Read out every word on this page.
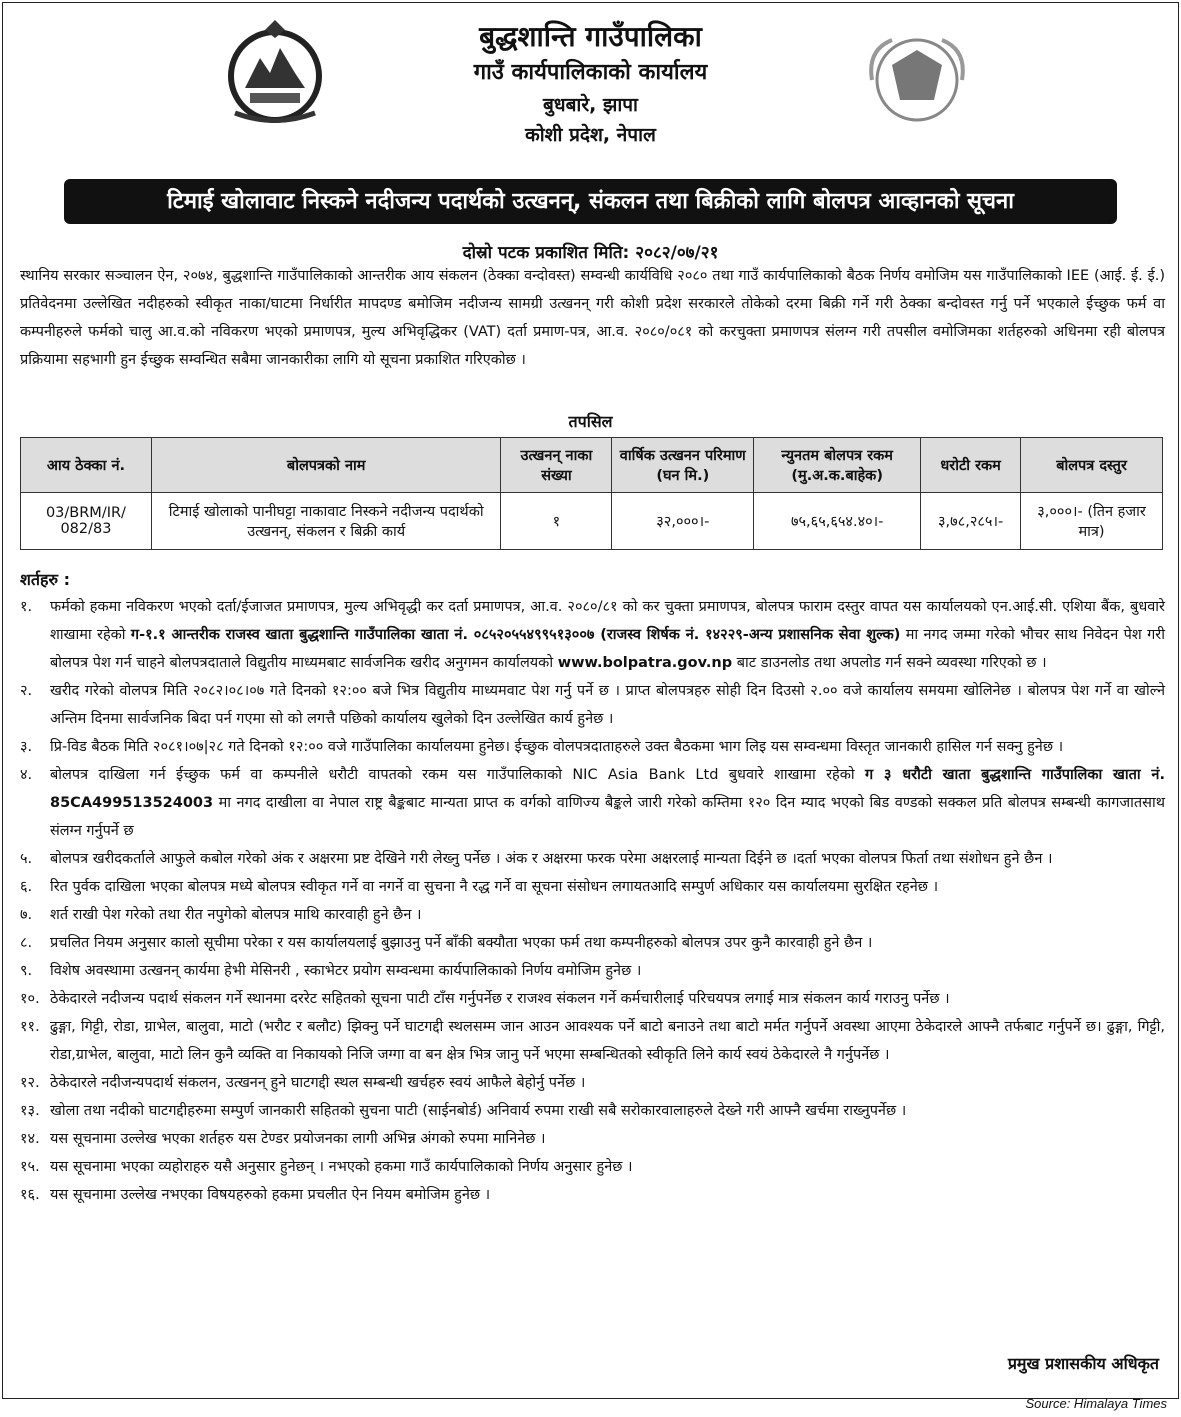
बुद्धशान्ति गाउँपालिका
गाउँ कार्यपालिकाको कार्यालय
बुधबारे, झापा
कोशी प्रदेश, नेपाल
टिमाई खोलावाट निस्कने नदीजन्य पदार्थको उत्खनन्, संकलन तथा बिक्रीको लागि बोलपत्र आव्हानको सूचना
दोस्रो पटक प्रकाशित मिति: २०८२/०७/२१
स्थानिय सरकार सञ्चालन ऐन, २०७४, बुद्धशान्ति गाउँपालिकाको आन्तरीक आय संकलन (ठेक्का वन्दोवस्त) सम्वन्धी कार्यविधि २०८० तथा गाउँ कार्यपालिकाको बैठक निर्णय वमोजिम यस गाउँपालिकाको IEE (आई. ई. ई.) प्रतिवेदनमा उल्लेखित नदीहरुको स्वीकृत नाका/घाटमा निर्धारीत मापदण्ड बमोजिम नदीजन्य सामग्री उत्खनन् गरी कोशी प्रदेश सरकारले तोकेको दरमा बिक्री गर्ने गरी ठेक्का बन्दोवस्त गर्नु पर्ने भएकाले ईच्छुक फर्म वा कम्पनीहरुले फर्मको चालु आ.व.को नविकरण भएको प्रमाणपत्र, मुल्य अभिवृद्धिकर (VAT) दर्ता प्रमाण-पत्र, आ.व. २०८०/०८१ को करचुक्ता प्रमाणपत्र संलग्न गरी तपसील वमोजिमका शर्तहरुको अधिनमा रही बोलपत्र प्रक्रियामा सहभागी हुन ईच्छुक सम्वन्धित सबैमा जानकारीका लागि यो सूचना प्रकाशित गरिएकोछ ।
तपसिल
आय ठेक्का नं.	बोलपत्रको नाम	उत्खनन् नाका संख्या	वार्षिक उत्खनन परिमाण (घन मि.)	न्युनतम बोलपत्र रकम (मु.अ.क.बाहेक)	धरोटी रकम	बोलपत्र दस्तुर
03/BRM/IR/ 082/83	टिमाई खोलाको पानीघट्टा नाकावाट निस्कने नदीजन्य पदार्थको उत्खनन्, संकलन र बिक्री कार्य	१	३२,०००।-	७५,६५,६५४.४०।-	३,७८,२८५।-	३,०००।- (तिन हजार मात्र)
शर्तहरु :
१.	फर्मको हकमा नविकरण भएको दर्ता/ईजाजत प्रमाणपत्र, मुल्य अभिवृद्धी कर दर्ता प्रमाणपत्र, आ.व. २०८०/८१ को कर चुक्ता प्रमाणपत्र, बोलपत्र फाराम दस्तुर वापत यस कार्यालयको एन.आई.सी. एशिया बैंक, बुधवारे शाखामा रहेको ग-१.१ आन्तरीक राजस्व खाता बुद्धशान्ति गाउँपालिका खाता नं. ०८५२०५५४९९५१३००७ (राजस्व शिर्षक नं. १४२२९-अन्य प्रशासनिक सेवा शुल्क) मा नगद जम्मा गरेको भौचर साथ निवेदन पेश गरी बोलपत्र पेश गर्न चाहने बोलपत्रदाताले विद्युतीय माध्यमबाट सार्वजनिक खरीद अनुगमन कार्यालयको www.bolpatra.gov.np बाट डाउनलोड तथा अपलोड गर्न सक्ने व्यवस्था गरिएको छ ।
२.	खरीद गरेको वोलपत्र मिति २०८२।०८।०७ गते दिनको १२:०० बजे भित्र विद्युतीय माध्यमवाट पेश गर्नु पर्ने छ । प्राप्त बोलपत्रहरु सोही दिन दिउसो २.०० वजे कार्यालय समयमा खोलिनेछ । बोलपत्र पेश गर्ने वा खोल्ने अन्तिम दिनमा सार्वजनिक बिदा पर्न गएमा सो को लगत्तै पछिको कार्यालय खुलेको दिन उल्लेखित कार्य हुनेछ ।
३.	प्रि-विड बैठक मिति २०८१।०७|२८ गते दिनको १२:०० वजे गाउँपालिका कार्यालयमा हुनेछ। ईच्छुक वोलपत्रदाताहरुले उक्त बैठकमा भाग लिइ यस सम्वन्धमा विस्तृत जानकारी हासिल गर्न सक्नु हुनेछ ।
४.	बोलपत्र दाखिला गर्न ईच्छुक फर्म वा कम्पनीले धरौटी वापतको रकम यस गाउँपालिकाको NIC Asia Bank Ltd बुधवारे शाखामा रहेको ग ३ धरौटी खाता बुद्धशान्ति गाउँपालिका खाता नं. 85CA499513524003 मा नगद दाखीला वा नेपाल राष्ट्र बैङ्कबाट मान्यता प्राप्त क वर्गको वाणिज्य बैङ्कले जारी गरेको कम्तिमा १२० दिन म्याद भएको बिड वण्डको सक्कल प्रति बोलपत्र सम्बन्धी कागजातसाथ संलग्न गर्नुपर्ने छ
५.	बोलपत्र खरीदकर्ताले आफुले कबोल गरेको अंक र अक्षरमा प्रष्ट देखिने गरी लेख्नु पर्नेछ । अंक र अक्षरमा फरक परेमा अक्षरलाई मान्यता दिईने छ ।दर्ता भएका वोलपत्र फिर्ता तथा संशोधन हुने छैन ।
६.	रित पुर्वक दाखिला भएका बोलपत्र मध्ये बोलपत्र स्वीकृत गर्ने वा नगर्ने वा सुचना नै रद्ध गर्ने वा सूचना संसोधन लगायतआदि सम्पुर्ण अधिकार यस कार्यालयमा सुरक्षित रहनेछ ।
७.	शर्त राखी पेश गरेको तथा रीत नपुगेको बोलपत्र माथि कारवाही हुने छैन ।
८.	प्रचलित नियम अनुसार कालो सूचीमा परेका र यस कार्यालयलाई बुझाउनु पर्ने बाँकी बक्यौता भएका फर्म तथा कम्पनीहरुको बोलपत्र उपर कुनै कारवाही हुने छैन ।
९.	विशेष अवस्थामा उत्खनन् कार्यमा हेभी मेसिनरी , स्काभेटर प्रयोग सम्वन्धमा कार्यपालिकाको निर्णय वमोजिम हुनेछ ।
१०. ठेकेदारले नदीजन्य पदार्थ संकलन गर्ने स्थानमा दररेट सहितको सूचना पाटी टाँस गर्नुपर्नेछ र राजश्व संकलन गर्ने कर्मचारीलाई परिचयपत्र लगाई मात्र संकलन कार्य गराउनु पर्नेछ ।
११. ढुङ्गा, गिट्टी, रोडा, ग्राभेल, बालुवा, माटो (भरौट र बलौट) झिक्नु पर्ने घाटगद्दी स्थलसम्म जान आउन आवश्यक पर्ने बाटो बनाउने तथा बाटो मर्मत गर्नुपर्ने अवस्था आएमा ठेकेदारले आफ्नै तर्फबाट गर्नुपर्ने छ। ढुङ्गा, गिट्टी, रोडा,ग्राभेल, बालुवा, माटो लिन कुनै व्यक्ति वा निकायको निजि जग्गा वा बन क्षेत्र भित्र जानु पर्ने भएमा सम्बन्धितको स्वीकृति लिने कार्य स्वयं ठेकेदारले नै गर्नुपर्नेछ ।
१२. ठेकेदारले नदीजन्यपदार्थ संकलन, उत्खनन् हुने घाटगद्दी स्थल सम्बन्धी खर्चहरु स्वयं आफैले बेहोर्नु पर्नेछ ।
१३. खोला तथा नदीको घाटगद्दीहरुमा सम्पुर्ण जानकारी सहितको सुचना पाटी (साईनबोर्ड) अनिवार्य रुपमा राखी सबै सरोकारवालाहरुले देख्ने गरी आफ्नै खर्चमा राख्नुपर्नेछ ।
१४. यस सूचनामा उल्लेख भएका शर्तहरु यस टेण्डर प्रयोजनका लागी अभिन्न अंगको रुपमा मानिनेछ ।
१५. यस सूचनामा भएका व्यहोराहरु यसै अनुसार हुनेछन् । नभएको हकमा गाउँ कार्यपालिकाको निर्णय अनुसार हुनेछ ।
१६. यस सूचनामा उल्लेख नभएका विषयहरुको हकमा प्रचलीत ऐन नियम बमोजिम हुनेछ ।
प्रमुख प्रशासकीय अधिकृत
Source: Himalaya Times
